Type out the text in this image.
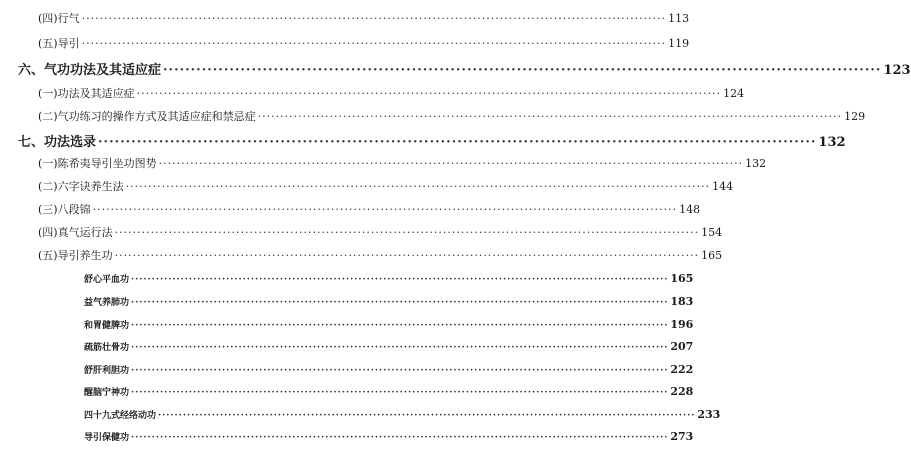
(四) 行气 ·····	113
(五) 导引 ·····	119
六、 气功功法及其适应症 ·····	123
(一) 功法及其适应症 ·····	124
(二) 气功练习的操作方式及其适应症和禁忌症 ·····	129
七、 功法选录 ·····	132
(一) 陈希夷导引坐功图势 ·····	132
(二) 六字诀养生法 ·····	144
(三) 八段锦 ·····	148
(四) 真气运行法 ·····	154
(五) 导引养生功 ·····	165
舒心平血功 ·····	165
益气养肺功 ·····	183
和胃健脾功 ·····	196
疏筋壮骨功 ·····	207
舒肝利胆功 ·····	222
醒脑宁神功 ·····	228
四十九式经络动功 ·····	233
导引保健功 ·····	273
